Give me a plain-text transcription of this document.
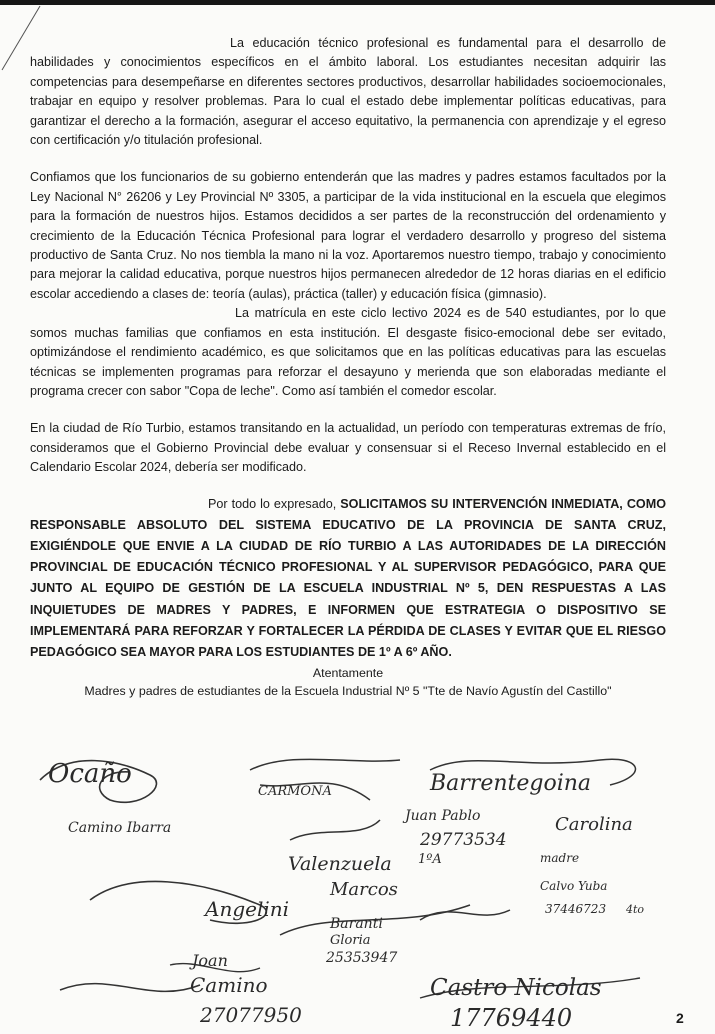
La educación técnico profesional es fundamental para el desarrollo de habilidades y conocimientos específicos en el ámbito laboral. Los estudiantes necesitan adquirir las competencias para desempeñarse en diferentes sectores productivos, desarrollar habilidades socioemocionales, trabajar en equipo y resolver problemas. Para lo cual el estado debe implementar políticas educativas, para garantizar el derecho a la formación, asegurar el acceso equitativo, la permanencia con aprendizaje y el egreso con certificación y/o titulación profesional.

Confiamos que los funcionarios de su gobierno entenderán que las madres y padres estamos facultados por la Ley Nacional N° 26206 y Ley Provincial Nº 3305, a participar de la vida institucional en la escuela que elegimos para la formación de nuestros hijos. Estamos decididos a ser partes de la reconstrucción del ordenamiento y crecimiento de la Educación Técnica Profesional para lograr el verdadero desarrollo y progreso del sistema productivo de Santa Cruz. No nos tiembla la mano ni la voz. Aportaremos nuestro tiempo, trabajo y conocimiento para mejorar la calidad educativa, porque nuestros hijos permanecen alrededor de 12 horas diarias en el edificio escolar accediendo a clases de: teoría (aulas), práctica (taller) y educación física (gimnasio).

La matrícula en este ciclo lectivo 2024 es de 540 estudiantes, por lo que somos muchas familias que confiamos en esta institución. El desgaste fisico-emocional debe ser evitado, optimizándose el rendimiento académico, es que solicitamos que en las políticas educativas para las escuelas técnicas se implementen programas para reforzar el desayuno y merienda que son elaboradas mediante el programa crecer con sabor "Copa de leche". Como así también el comedor escolar.

En la ciudad de Río Turbio, estamos transitando en la actualidad, un período con temperaturas extremas de frío, consideramos que el Gobierno Provincial debe evaluar y consensuar si el Receso Invernal establecido en el Calendario Escolar 2024, debería ser modificado.

Por todo lo expresado, SOLICITAMOS SU INTERVENCIÓN INMEDIATA, COMO RESPONSABLE ABSOLUTO DEL SISTEMA EDUCATIVO DE LA PROVINCIA DE SANTA CRUZ, EXIGIÉNDOLE QUE ENVIE A LA CIUDAD DE RÍO TURBIO A LAS AUTORIDADES DE LA DIRECCIÓN PROVINCIAL DE EDUCACIÓN TÉCNICO PROFESIONAL Y AL SUPERVISOR PEDAGÓGICO, PARA QUE JUNTO AL EQUIPO DE GESTIÓN DE LA ESCUELA INDUSTRIAL Nº 5, DEN RESPUESTAS A LAS INQUIETUDES DE MADRES Y PADRES, E INFORMEN QUE ESTRATEGIA O DISPOSITIVO SE IMPLEMENTARÁ PARA REFORZAR Y FORTALECER LA PÉRDIDA DE CLASES Y EVITAR QUE EL RIESGO PEDAGÓGICO SEA MAYOR PARA LOS ESTUDIANTES DE 1º A 6º AÑO.

Atentamente
Madres y padres de estudiantes de la Escuela Industrial Nº 5 "Tte de Navío Agustín del Castillo"
Ocaño
Camino Ibarra
CARMONA	Barrentegoina
Juan Pablo	Carolina
29773534
1ºA	madre
Valenzuela
Marcos	Calvo Yuba
37446723 4to
Angelini
Baranti
Gloria
25353947
Castro Nicolas
17769440
Joan
Camino
27077950	2
